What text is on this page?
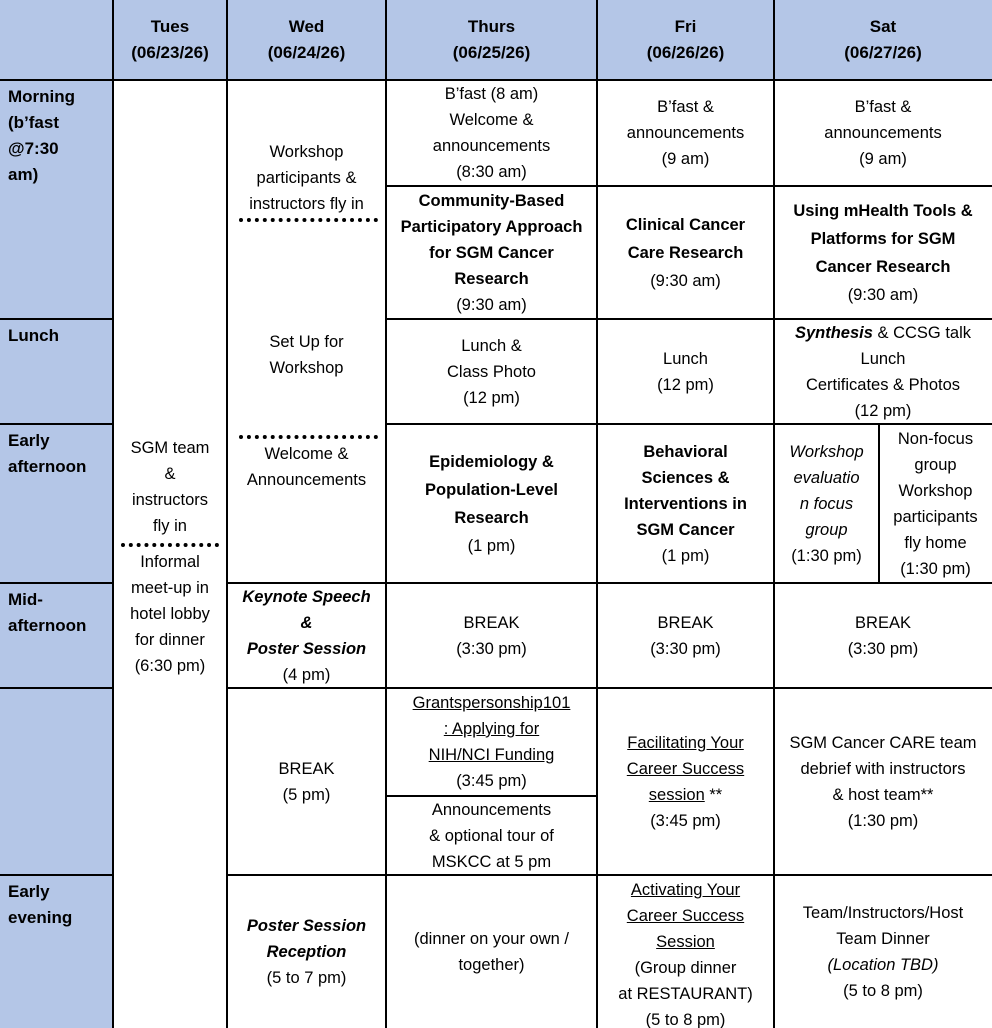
Tues
(06/23/26)
Wed
(06/24/26)
Thurs
(06/25/26)
Fri
(06/26/26)
Sat
(06/27/26)
Morning
(b’fast
@7:30
am)
Lunch
Early
afternoon
Mid-
afternoon
Early
evening
SGM team
&
instructors
fly in
Informal
meet-up in
hotel lobby
for dinner
(6:30 pm)
Workshop
participants &
instructors fly in
Set Up for
Workshop
Welcome &
Announcements
Keynote Speech
&
Poster Session
(4 pm)
BREAK
(5 pm)
Poster Session
Reception
(5 to 7 pm)
B’fast (8 am)
Welcome &
announcements
(8:30 am)
Community-Based
Participatory Approach
for SGM Cancer
Research
(9:30 am)
Lunch &
Class Photo
(12 pm)
Epidemiology &
Population-Level
Research
(1 pm)
BREAK
(3:30 pm)
Grantspersonship101
: Applying for
NIH/NCI Funding
(3:45 pm)
Announcements
& optional tour of
MSKCC at 5 pm
(dinner on your own /
together)
B’fast &
announcements
(9 am)
Clinical Cancer
Care Research
(9:30 am)
Lunch
(12 pm)
Behavioral
Sciences &
Interventions in
SGM Cancer
(1 pm)
BREAK
(3:30 pm)
Facilitating Your
Career Success
session **
(3:45 pm)
Activating Your
Career Success
Session
(Group dinner
at RESTAURANT)
(5 to 8 pm)
B’fast &
announcements
(9 am)
Using mHealth Tools &
Platforms for SGM
Cancer Research
(9:30 am)
Synthesis & CCSG talk
Lunch
Certificates & Photos
(12 pm)
Workshop
evaluatio
n focus
group
(1:30 pm)
Non-focus
group
Workshop
participants
fly home
(1:30 pm)
BREAK
(3:30 pm)
SGM Cancer CARE team
debrief with instructors
& host team**
(1:30 pm)
Team/Instructors/Host
Team Dinner
(Location TBD)
(5 to 8 pm)
